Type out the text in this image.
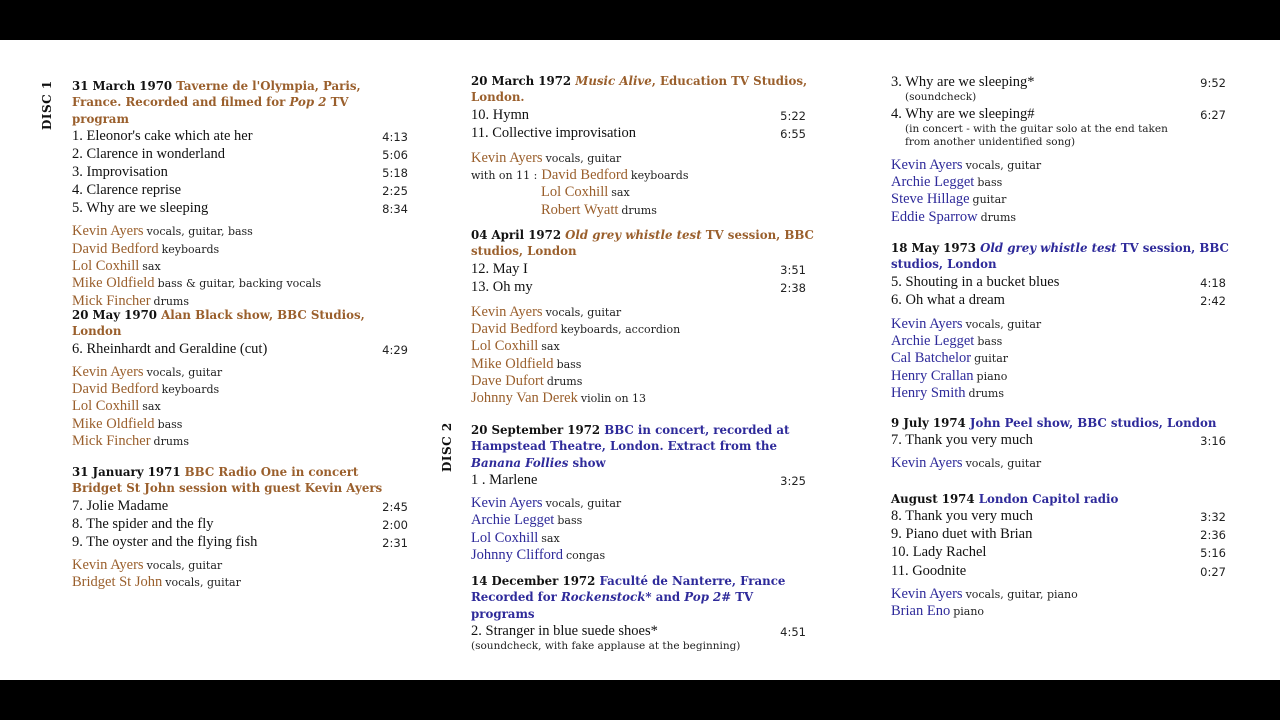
DISC 1 31 March 1970 Taverne de l'Olympia, Paris,
France. Recorded and filmed for Pop 2 TV program
1. Eleonor's cake which ate her	4:13
2. Clarence in wonderland	5:06
3. Improvisation	5:18
4. Clarence reprise	2:25
5. Why are we sleeping	8:34
Kevin Ayers vocals, guitar, bass
David Bedford keyboards
Lol Coxhill sax
Mike Oldfield bass & guitar, backing vocals
Mick Fincher drums
20 May 1970 Alan Black show, BBC Studios, London
6. Rheinhardt and Geraldine (cut)	4:29
Kevin Ayers vocals, guitar
David Bedford keyboards
Lol Coxhill sax
Mike Oldfield bass
Mick Fincher drums
31 January 1971 BBC Radio One in concert
Bridget St John session with guest Kevin Ayers
7. Jolie Madame	2:45
8. The spider and the fly	2:00
9. The oyster and the flying fish	2:31
Kevin Ayers vocals, guitar
Bridget St John vocals, guitar
DISC 2
20 March 1972 Music Alive, Education TV Studios, London.
10. Hymn	5:22
11. Collective improvisation	6:55
Kevin Ayers vocals, guitar
with on 11 : David Bedford keyboards
Lol Coxhill sax
Robert Wyatt drums
04 April 1972 Old grey whistle test TV session, BBC studios, London
12. May I	3:51
13. Oh my	2:38
Kevin Ayers vocals, guitar
David Bedford keyboards, accordion
Lol Coxhill sax
Mike Oldfield bass
Dave Dufort drums
Johnny Van Derek violin on 13
20 September 1972 BBC in concert, recorded at
Hampstead Theatre, London. Extract from the
Banana Follies show
1 . Marlene	3:25
Kevin Ayers vocals, guitar
Archie Legget bass
Lol Coxhill sax
Johnny Clifford congas
14 December 1972 Faculté de Nanterre, France
Recorded for Rockenstock* and Pop 2# TV programs
2. Stranger in blue suede shoes*	4:51
(soundcheck, with fake applause at the beginning)
3. Why are we sleeping*	9:52
(soundcheck)
4. Why are we sleeping#	6:27
(in concert - with the guitar solo at the end taken
from another unidentified song)
Kevin Ayers vocals, guitar
Archie Legget bass
Steve Hillage guitar
Eddie Sparrow drums
18 May 1973 Old grey whistle test TV session, BBC studios, London
5. Shouting in a bucket blues	4:18
6. Oh what a dream	2:42
Kevin Ayers vocals, guitar
Archie Legget bass
Cal Batchelor guitar
Henry Crallan piano
Henry Smith drums
9 July 1974 John Peel show, BBC studios, London
7. Thank you very much	3:16
Kevin Ayers vocals, guitar
August 1974 London Capitol radio
8. Thank you very much	3:32
9. Piano duet with Brian	2:36
10. Lady Rachel	5:16
11. Goodnite	0:27
Kevin Ayers vocals, guitar, piano
Brian Eno piano
